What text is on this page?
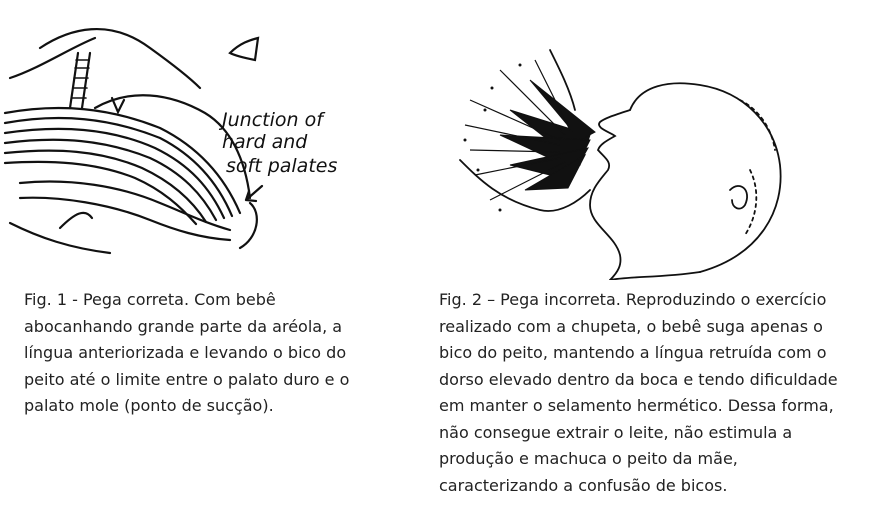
Junction of
hard and
soft palates
Fig. 1 - Pega correta. Com bebê abocanhando grande parte da aréola, a língua anteriorizada e levando o bico do peito até o limite entre o palato duro e o palato mole (ponto de sucção).
Fig. 2 – Pega incorreta. Reproduzindo o exercício realizado com a chupeta, o bebê suga apenas o bico do peito, mantendo a língua retruída com o dorso elevado dentro da boca e tendo dificuldade em manter o selamento hermético. Dessa forma, não consegue extrair o leite, não estimula a produção e machuca o peito da mãe, caracterizando a confusão de bicos.
